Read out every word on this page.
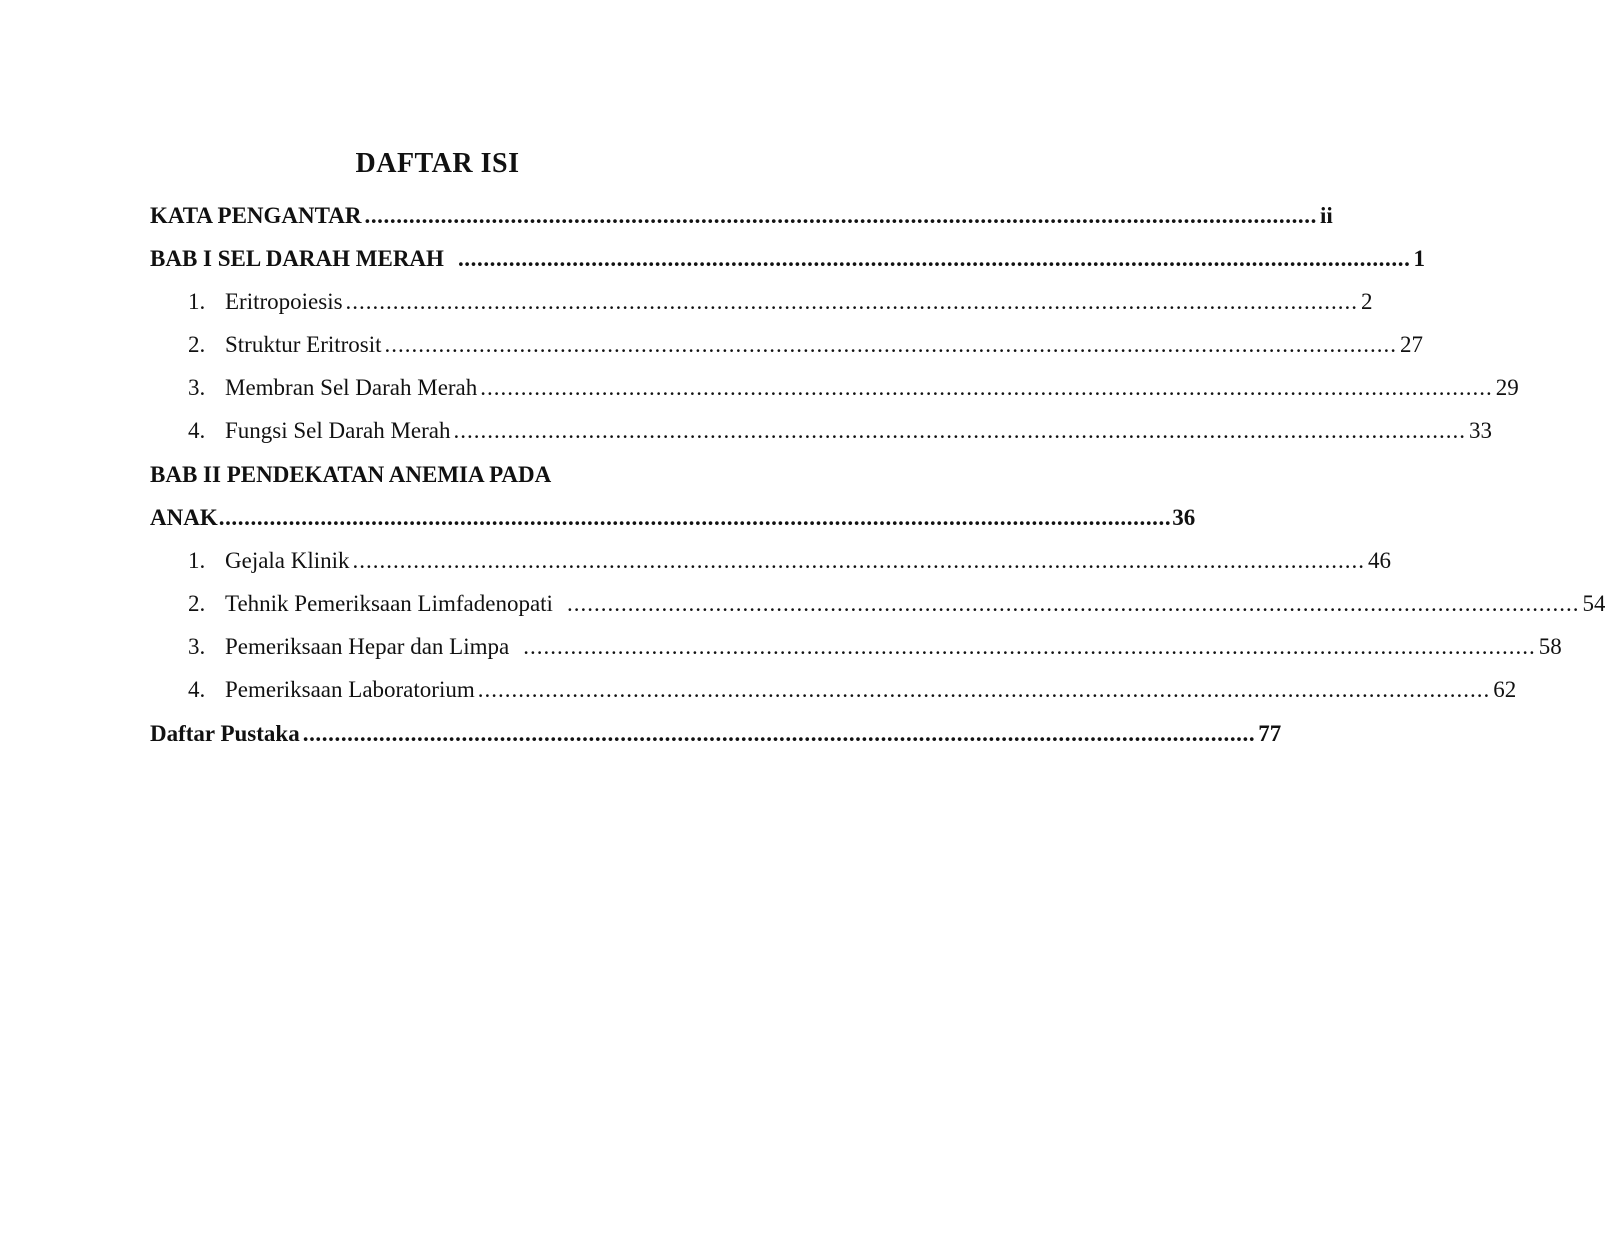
DAFTAR ISI
KATA PENGANTAR ...................................................................................................................................................... ii
BAB I SEL DARAH MERAH ...................................................................................................................................................... 1
1. Eritropoiesis ...................................................................................................................................................... 2
2. Struktur Eritrosit ...................................................................................................................................................... 27
3. Membran Sel Darah Merah ...................................................................................................................................................... 29
4. Fungsi Sel Darah Merah ...................................................................................................................................................... 33
BAB II PENDEKATAN ANEMIA PADA
ANAK ...................................................................................................................................................... 36
1. Gejala Klinik ...................................................................................................................................................... 46
2. Tehnik Pemeriksaan Limfadenopati ...................................................................................................................................................... 54
3. Pemeriksaan Hepar dan Limpa ...................................................................................................................................................... 58
4. Pemeriksaan Laboratorium ...................................................................................................................................................... 62
Daftar Pustaka ...................................................................................................................................................... 77
